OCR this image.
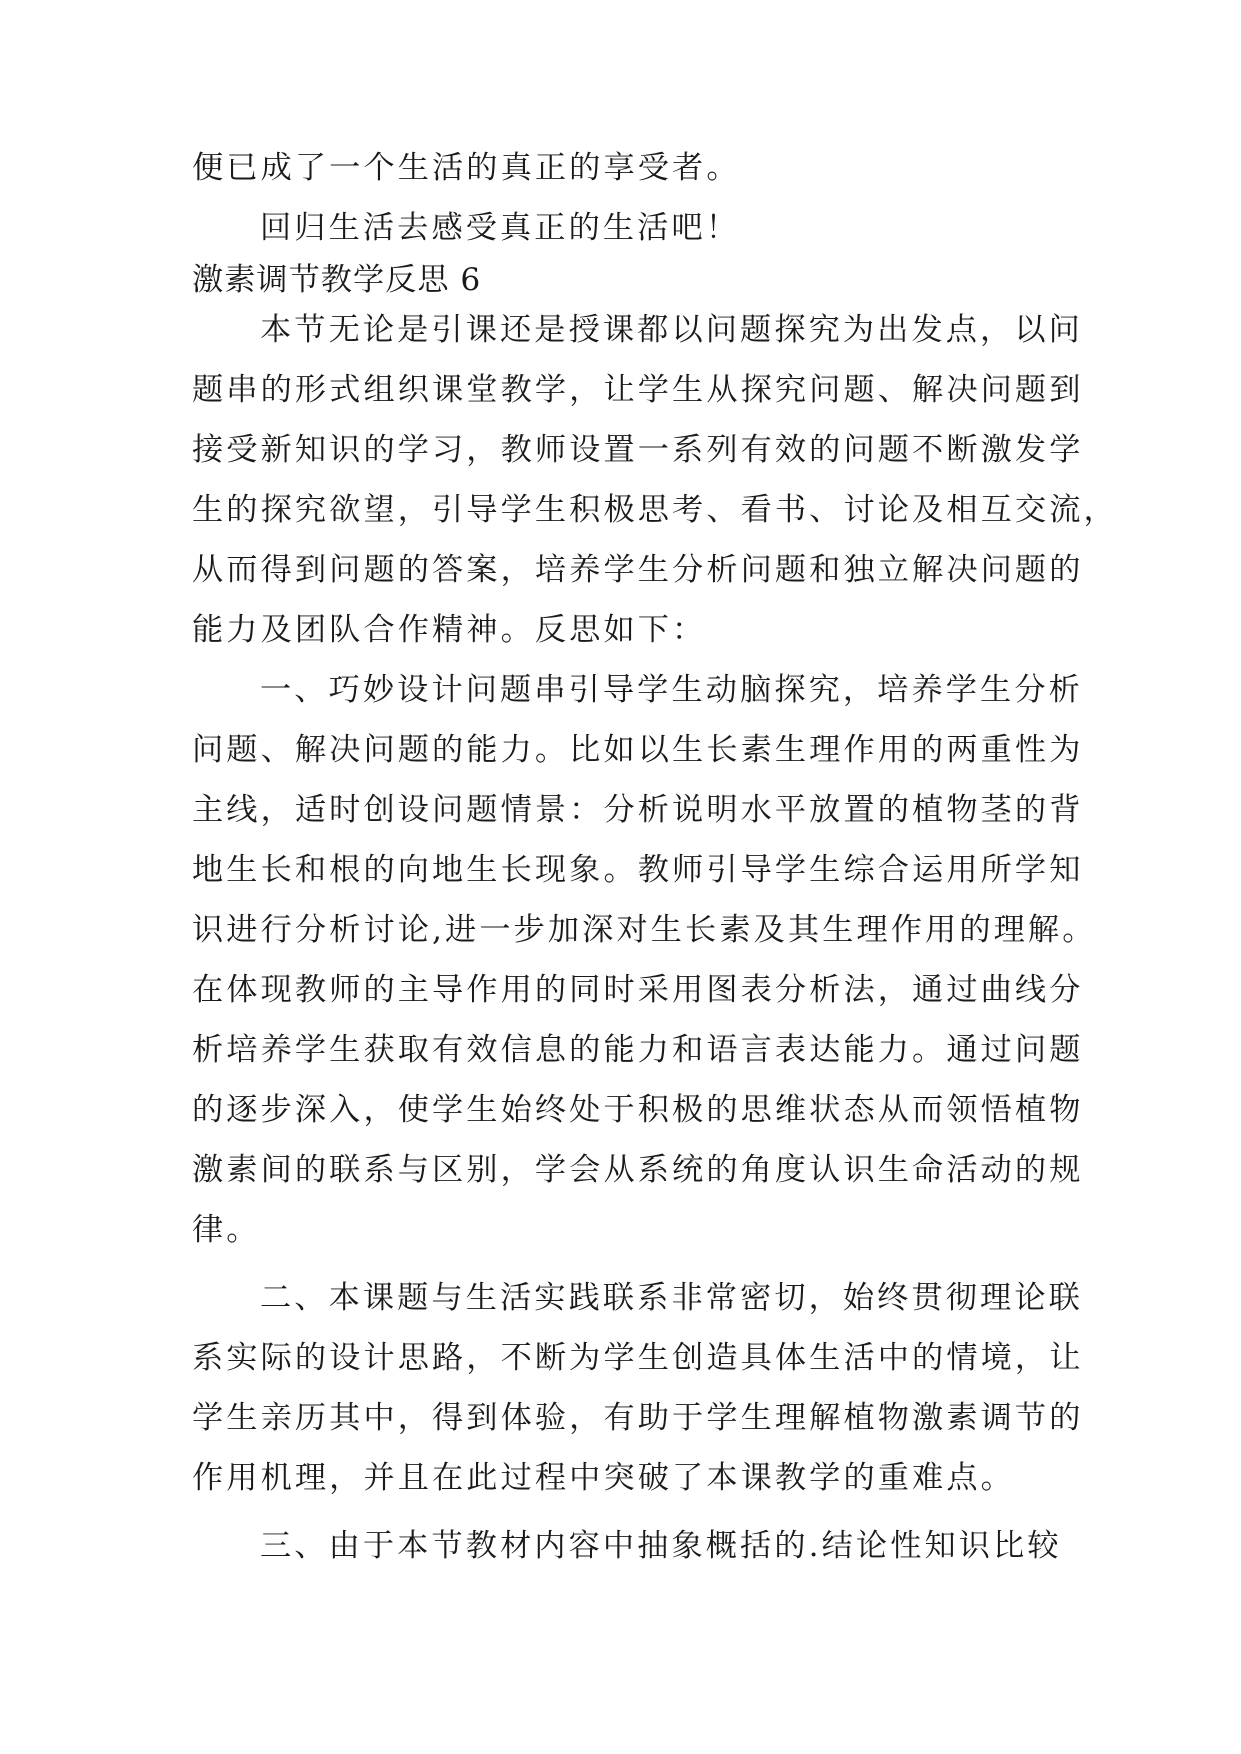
便已成了一个生活的真正的享受者。
回归生活去感受真正的生活吧！
激素调节教学反思 6
本节无论是引课还是授课都以问题探究为出发点，以问
题串的形式组织课堂教学，让学生从探究问题、解决问题到
接受新知识的学习，教师设置一系列有效的问题不断激发学
生的探究欲望，引导学生积极思考、看书、讨论及相互交流，
从而得到问题的答案，培养学生分析问题和独立解决问题的
能力及团队合作精神。反思如下：
一、巧妙设计问题串引导学生动脑探究，培养学生分析
问题、解决问题的能力。比如以生长素生理作用的两重性为
主线，适时创设问题情景：分析说明水平放置的植物茎的背
地生长和根的向地生长现象。教师引导学生综合运用所学知
识进行分析讨论,进一步加深对生长素及其生理作用的理解。
在体现教师的主导作用的同时采用图表分析法，通过曲线分
析培养学生获取有效信息的能力和语言表达能力。通过问题
的逐步深入，使学生始终处于积极的思维状态从而领悟植物
激素间的联系与区别，学会从系统的角度认识生命活动的规
律。
二、本课题与生活实践联系非常密切，始终贯彻理论联
系实际的设计思路，不断为学生创造具体生活中的情境，让
学生亲历其中，得到体验，有助于学生理解植物激素调节的
作用机理，并且在此过程中突破了本课教学的重难点。
三、由于本节教材内容中抽象概括的.结论性知识比较
